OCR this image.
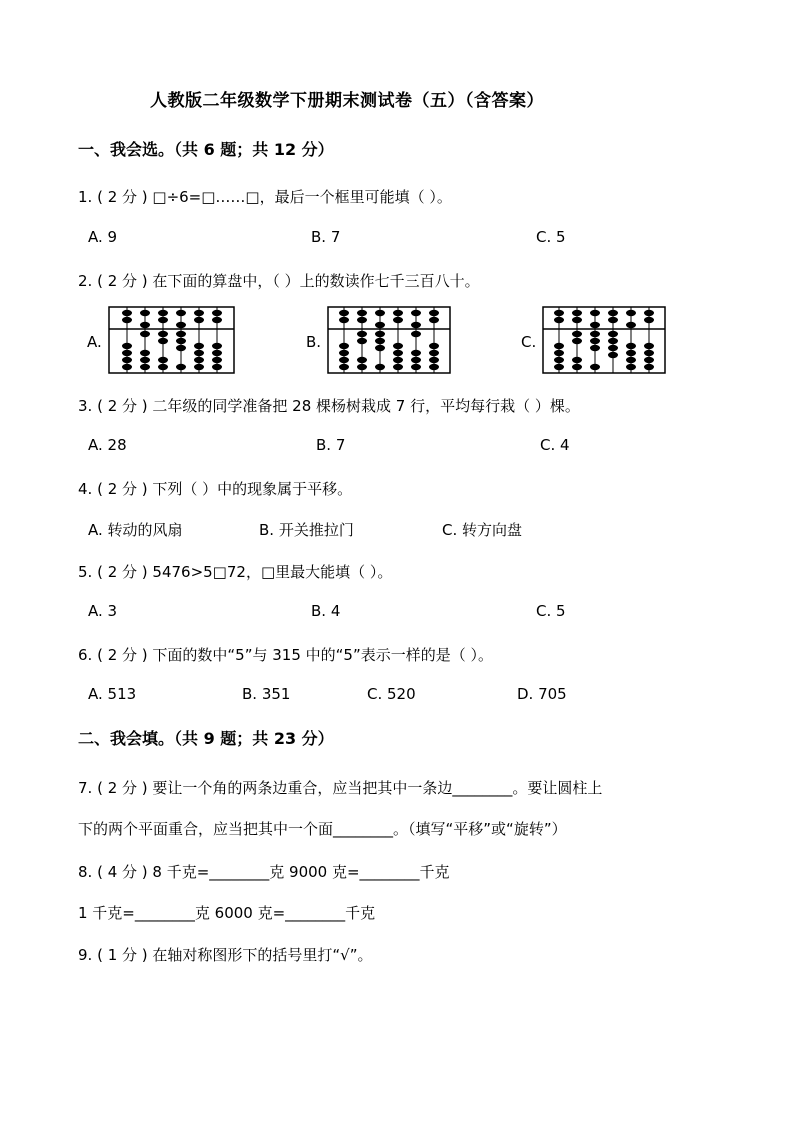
人教版二年级数学下册期末测试卷（五）（含答案）
一、我会选。（共 6 题；共 12 分）
1. ( 2 分 ) □÷6=□……□，最后一个框里可能填（ ）。
A. 9	B. 7	C. 5
2. ( 2 分 ) 在下面的算盘中，（ ）上的数读作七千三百八十。
A.	B.	C.
3. ( 2 分 ) 二年级的同学准备把 28 棵杨树栽成 7 行，平均每行栽（ ）棵。
A. 28	B. 7	C. 4
4. ( 2 分 ) 下列（ ）中的现象属于平移。
A. 转动的风扇	B. 开关推拉门	C. 转方向盘
5. ( 2 分 ) 5476>5□72，□里最大能填（ ）。
A. 3	B. 4	C. 5
6. ( 2 分 ) 下面的数中“5”与 315 中的“5”表示一样的是（ ）。
A. 513	B. 351	C. 520	D. 705
二、我会填。（共 9 题；共 23 分）
7. ( 2 分 ) 要让一个角的两条边重合，应当把其中一条边________。要让圆柱上
下的两个平面重合，应当把其中一个面________。（填写“平移”或“旋转”）
8. ( 4 分 ) 8 千克=________克 9000 克=________千克
1 千克=________克 6000 克=________千克
9. ( 1 分 ) 在轴对称图形下的括号里打“√”。
